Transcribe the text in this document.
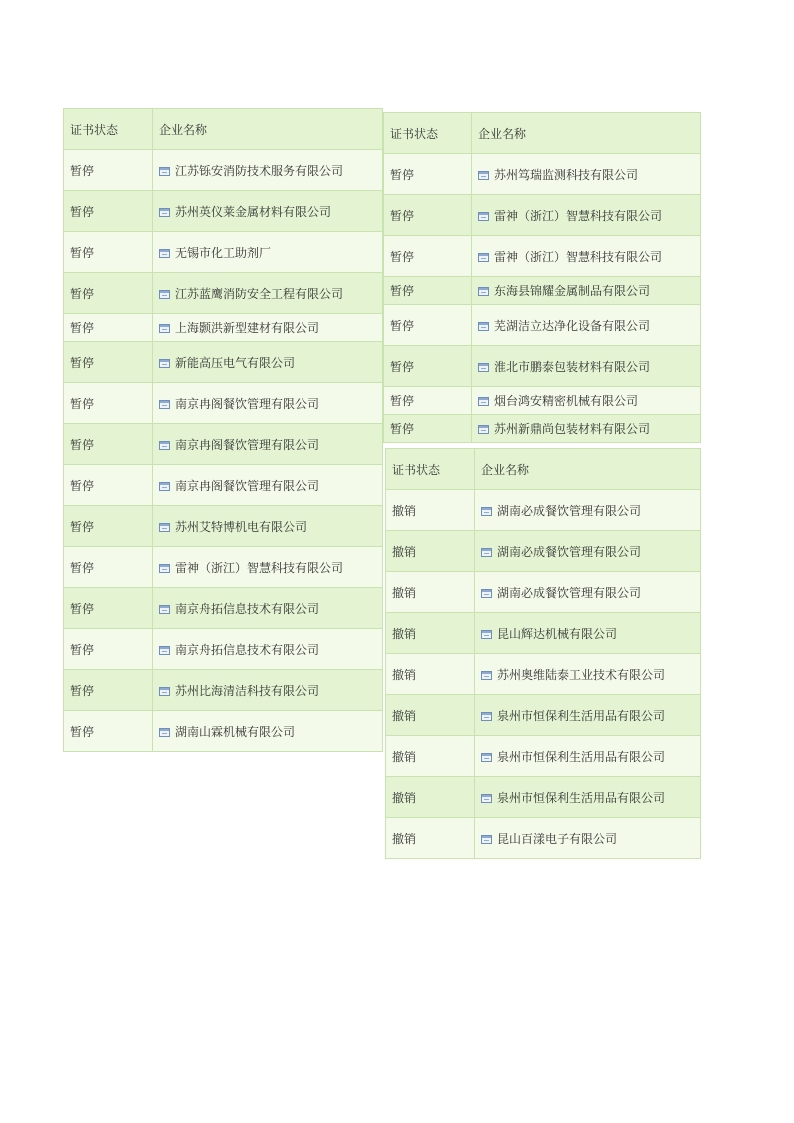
证书状态	企业名称
暂停	江苏铄安消防技术服务有限公司
暂停	苏州英仪莱金属材料有限公司
暂停	无锡市化工助剂厂
暂停	江苏蓝鹰消防安全工程有限公司
暂停	上海颢洪新型建材有限公司
暂停	新能高压电气有限公司
暂停	南京冉阁餐饮管理有限公司
暂停	南京冉阁餐饮管理有限公司
暂停	南京冉阁餐饮管理有限公司
暂停	苏州艾特博机电有限公司
暂停	雷神（浙江）智慧科技有限公司
暂停	南京舟拓信息技术有限公司
暂停	南京舟拓信息技术有限公司
暂停	苏州比海清洁科技有限公司
暂停	湖南山霖机械有限公司
证书状态	企业名称
暂停	苏州笃瑞监测科技有限公司
暂停	雷神（浙江）智慧科技有限公司
暂停	雷神（浙江）智慧科技有限公司
暂停	东海县锦耀金属制品有限公司
暂停	芜湖洁立达净化设备有限公司
暂停	淮北市鹏泰包装材料有限公司
暂停	烟台鸿安精密机械有限公司
暂停	苏州新鼎尚包装材料有限公司
证书状态	企业名称
撤销	湖南必成餐饮管理有限公司
撤销	湖南必成餐饮管理有限公司
撤销	湖南必成餐饮管理有限公司
撤销	昆山辉达机械有限公司
撤销	苏州奥维陆泰工业技术有限公司
撤销	泉州市恒保利生活用品有限公司
撤销	泉州市恒保利生活用品有限公司
撤销	泉州市恒保利生活用品有限公司
撤销	昆山百漾电子有限公司
